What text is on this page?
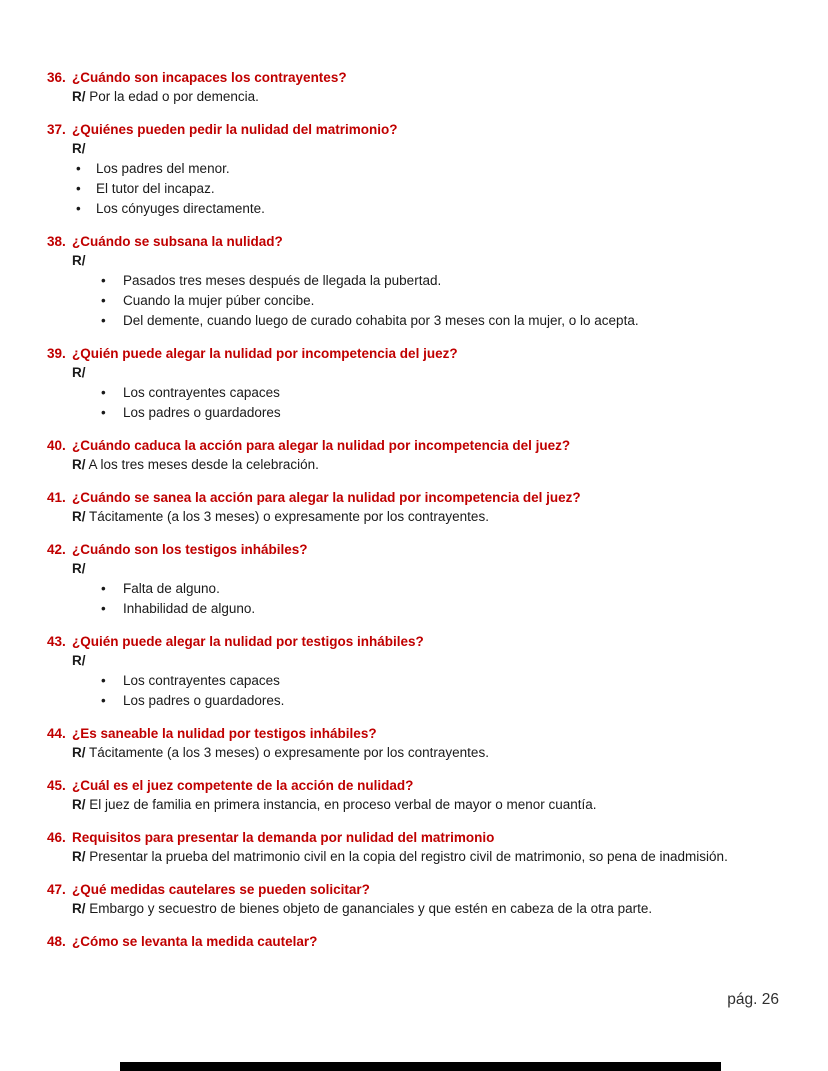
36. ¿Cuándo son incapaces los contrayentes?
R/ Por la edad o por demencia.
37. ¿Quiénes pueden pedir la nulidad del matrimonio?
R/
• Los padres del menor.
• El tutor del incapaz.
• Los cónyuges directamente.
38. ¿Cuándo se subsana la nulidad?
R/
• Pasados tres meses después de llegada la pubertad.
• Cuando la mujer púber concibe.
• Del demente, cuando luego de curado cohabita por 3 meses con la mujer, o lo acepta.
39. ¿Quién puede alegar la nulidad por incompetencia del juez?
R/
• Los contrayentes capaces
• Los padres o guardadores
40. ¿Cuándo caduca la acción para alegar la nulidad por incompetencia del juez?
R/ A los tres meses desde la celebración.
41. ¿Cuándo se sanea la acción para alegar la nulidad por incompetencia del juez?
R/ Tácitamente (a los 3 meses) o expresamente por los contrayentes.
42. ¿Cuándo son los testigos inhábiles?
R/
• Falta de alguno.
• Inhabilidad de alguno.
43. ¿Quién puede alegar la nulidad por testigos inhábiles?
R/
• Los contrayentes capaces
• Los padres o guardadores.
44. ¿Es saneable la nulidad por testigos inhábiles?
R/ Tácitamente (a los 3 meses) o expresamente por los contrayentes.
45. ¿Cuál es el juez competente de la acción de nulidad?
R/ El juez de familia en primera instancia, en proceso verbal de mayor o menor cuantía.
46. Requisitos para presentar la demanda por nulidad del matrimonio
R/ Presentar la prueba del matrimonio civil en la copia del registro civil de matrimonio, so pena de inadmisión.
47. ¿Qué medidas cautelares se pueden solicitar?
R/ Embargo y secuestro de bienes objeto de gananciales y que estén en cabeza de la otra parte.
48. ¿Cómo se levanta la medida cautelar?
pág. 26
